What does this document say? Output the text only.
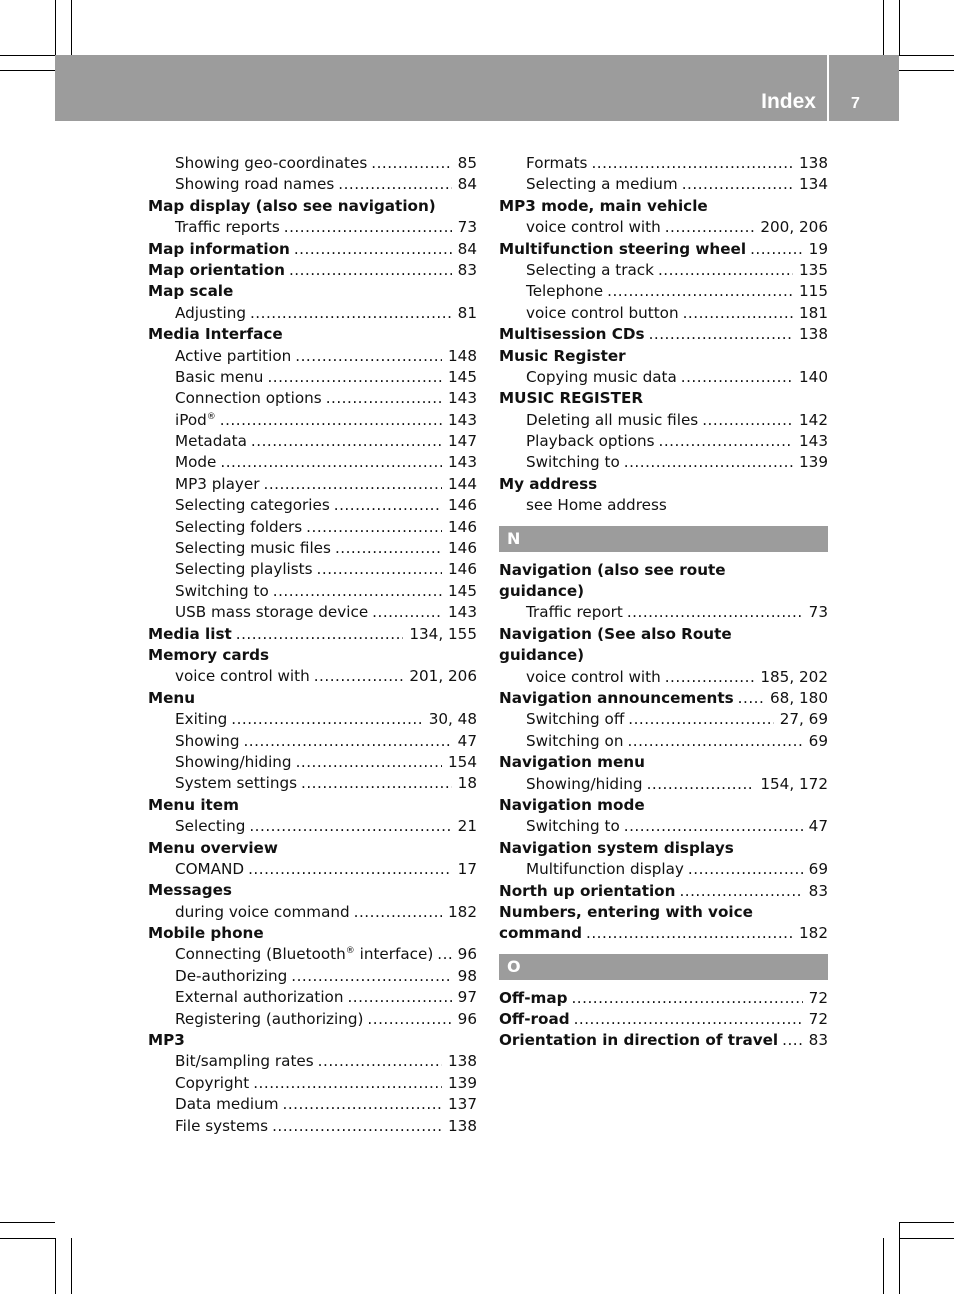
Index 7
Showing geo-coordinates .....	85
Showing road names .....	84
Map display (also see navigation)
Traffic reports .....	73
Map information .....	84
Map orientation .....	83
Map scale
Adjusting .....	81
Media Interface
Active partition .....	148
Basic menu .....	145
Connection options .....	143
iPod® .....	143
Metadata .....	147
Mode .....	143
MP3 player .....	144
Selecting categories .....	146
Selecting folders .....	146
Selecting music files .....	146
Selecting playlists .....	146
Switching to .....	145
USB mass storage device .....	143
Media list .....	134, 155
Memory cards
voice control with .....	201, 206
Menu
Exiting .....	30, 48
Showing .....	47
Showing/hiding .....	154
System settings .....	18
Menu item
Selecting .....	21
Menu overview
COMAND .....	17
Messages
during voice command .....	182
Mobile phone
Connecting (Bluetooth® interface) ..... 96
De-authorizing .....	98
External authorization .....	97
Registering (authorizing) .....	96
MP3
Bit/sampling rates .....	138
Copyright .....	139
Data medium .....	137
File systems .....	138
Formats .....	138
Selecting a medium .....	134
MP3 mode, main vehicle
voice control with .....	200, 206
Multifunction steering wheel .....	19
Selecting a track .....	135
Telephone .....	115
voice control button .....	181
Multisession CDs .....	138
Music Register
Copying music data .....	140
MUSIC REGISTER
Deleting all music files .....	142
Playback options .....	143
Switching to .....	139
My address
see Home address
N
Navigation (also see route
guidance)
Traffic report .....	73
Navigation (See also Route
guidance)
voice control with .....	185, 202
Navigation announcements ..... 68, 180
Switching off .....	27, 69
Switching on .....	69
Navigation menu
Showing/hiding .....	154, 172
Navigation mode
Switching to .....	47
Navigation system displays
Multifunction display .....	69
North up orientation .....	83
Numbers, entering with voice
command .....	182
O
Off-map .....	72
Off-road .....	72
Orientation in direction of travel ..... 83
